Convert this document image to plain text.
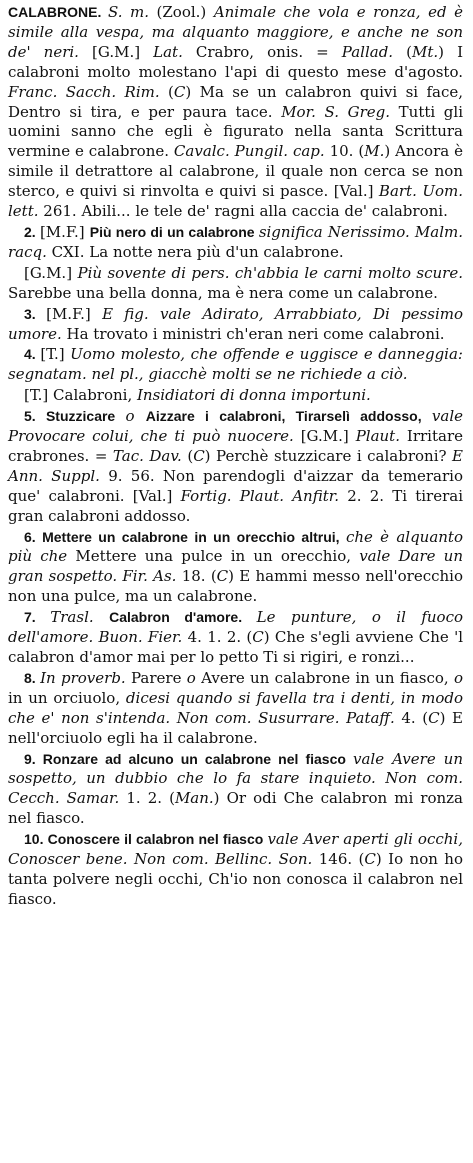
CALABRONE. S. m. (Zool.) Animale che vola e ronza, ed è simile alla vespa, ma alquanto maggiore, e anche ne son de' neri. [G.M.] Lat. Crabro, onis. = Pallad. (Mt.) I calabroni molto molestano l'api di questo mese d'agosto. Franc. Sacch. Rim. (C) Ma se un calabron quivi si face, Dentro si tira, e per paura tace. Mor. S. Greg. Tutti gli uomini sanno che egli è figurato nella santa Scrittura vermine e calabrone. Cavalc. Pungil. cap. 10. (M.) Ancora è simile il detrattore al calabrone, il quale non cerca se non sterco, e quivi si rinvolta e quivi si pasce. [Val.] Bart. Uom. lett. 261. Abili... le tele de' ragni alla caccia de' calabroni.

2. [M.F.] Più nero di un calabrone significa Nerissimo. Malm. racq. CXI. La notte nera più d'un calabrone.

[G.M.] Più sovente di pers. ch'abbia le carni molto scure. Sarebbe una bella donna, ma è nera come un calabrone.

3. [M.F.] E fig. vale Adirato, Arrabbiato, Di pessimo umore. Ha trovato i ministri ch'eran neri come calabroni.

4. [T.] Uomo molesto, che offende e uggisce e danneggia: segnatam. nel pl., giacchè molti se ne richiede a ciò.

[T.] Calabroni, Insidiatori di donna importuni.

5. Stuzzicare o Aizzare i calabroni, Tirarselì addosso, vale Provocare colui, che ti può nuocere. [G.M.] Plaut. Irritare crabrones. = Tac. Dav. (C) Perchè stuzzicare i calabroni? E Ann. Suppl. 9. 56. Non parendogli d'aizzar da temerario que' calabroni. [Val.] Fortig. Plaut. Anfitr. 2. 2. Ti tirerai gran calabroni addosso.

6. Mettere un calabrone in un orecchio altrui, che è alquanto più che Mettere una pulce in un orecchio, vale Dare un gran sospetto. Fir. As. 18. (C) E hammi messo nell'orecchio non una pulce, ma un calabrone.

7. Trasl. Calabron d'amore. Le punture, o il fuoco dell'amore. Buon. Fier. 4. 1. 2. (C) Che s'egli avviene Che 'l calabron d'amor mai per lo petto Ti si rigiri, e ronzi...

8. In proverb. Parere o Avere un calabrone in un fiasco, o in un orciuolo, dicesi quando si favella tra i denti, in modo che e' non s'intenda. Non com. Susurrare. Pataff. 4. (C) E nell'orciuolo egli ha il calabrone.

9. Ronzare ad alcuno un calabrone nel fiasco vale Avere un sospetto, un dubbio che lo fa stare inquieto. Non com. Cecch. Samar. 1. 2. (Man.) Or odi Che calabron mi ronza nel fiasco.

10. Conoscere il calabron nel fiasco vale Aver aperti gli occhi, Conoscer bene. Non com. Bellinc. Son. 146. (C) Io non ho tanta polvere negli occhi, Ch'io non conosca il calabron nel fiasco.
